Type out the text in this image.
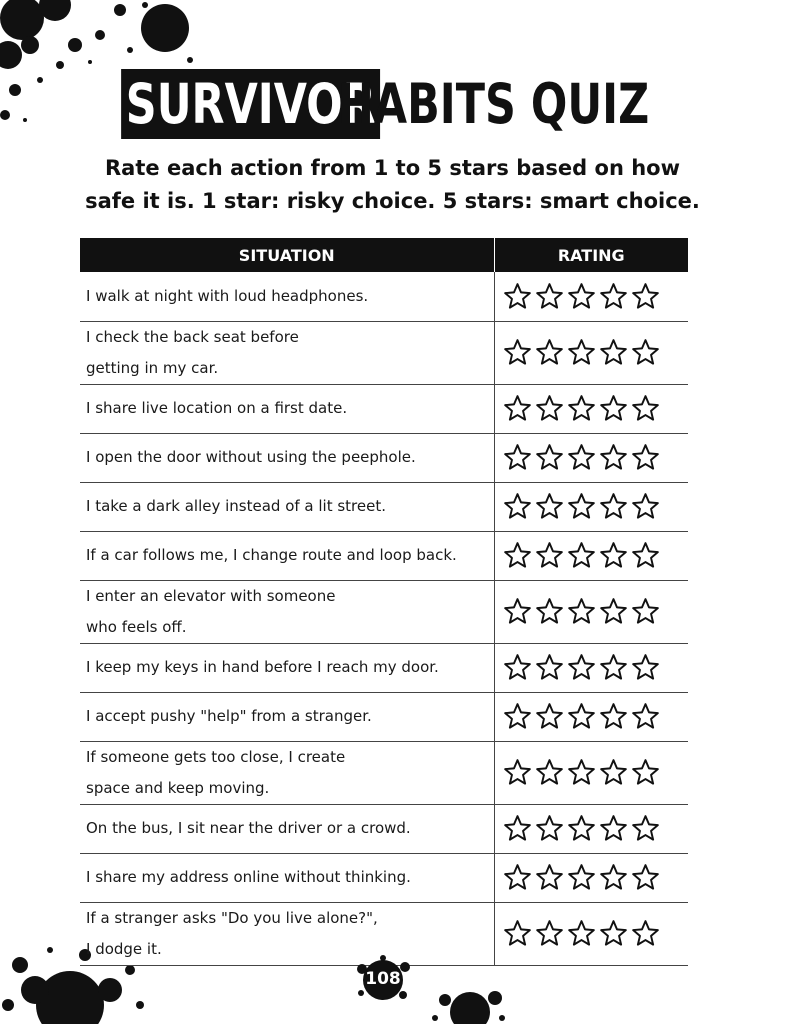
SURVIVOR
HABITS QUIZ
Rate each action from 1 to 5 stars based on how
safe it is. 1 star: risky choice. 5 stars: smart choice.
SITUATION	RATING

I walk at night with loud headphones.

I check the back seat before
getting in my car.

I share live location on a first date.

I open the door without using the peephole.

I take a dark alley instead of a lit street.

If a car follows me, I change route and loop back.

I enter an elevator with someone
who feels off.

I keep my keys in hand before I reach my door.

I accept pushy "help" from a stranger.

If someone gets too close, I create
space and keep moving.

On the bus, I sit near the driver or a crowd.

I share my address online without thinking.

If a stranger asks "Do you live alone?",
I dodge it.

108
